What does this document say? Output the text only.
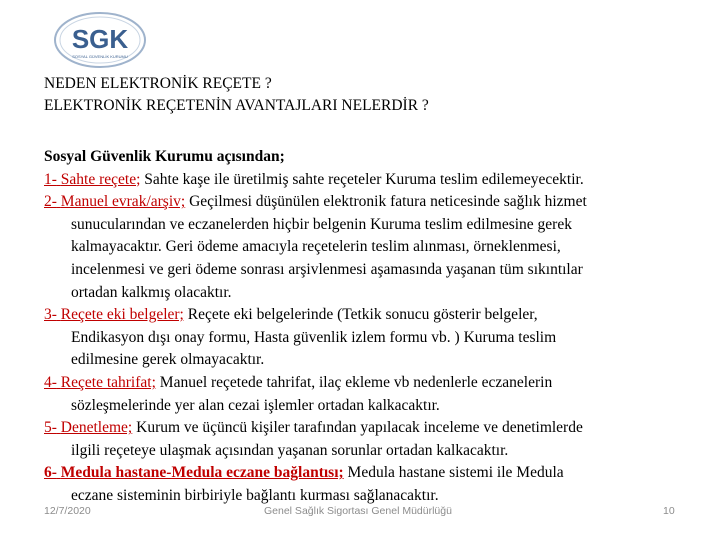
SGK
SOSYAL GÜVENLİK KURUMU
NEDEN ELEKTRONİK REÇETE ?
ELEKTRONİK REÇETENİN AVANTAJLARI NELERDİR ?
Sosyal Güvenlik Kurumu açısından;
1- Sahte reçete; Sahte kaşe ile üretilmiş sahte reçeteler Kuruma teslim edilemeyecektir.
2- Manuel evrak/arşiv; Geçilmesi düşünülen elektronik fatura neticesinde sağlık hizmet
sunucularından ve eczanelerden hiçbir belgenin Kuruma teslim edilmesine gerek
kalmayacaktır. Geri ödeme amacıyla reçetelerin teslim alınması, örneklenmesi,
incelenmesi ve geri ödeme sonrası arşivlenmesi aşamasında yaşanan tüm sıkıntılar
ortadan kalkmış olacaktır.
3- Reçete eki belgeler; Reçete eki belgelerinde (Tetkik sonucu gösterir belgeler,
Endikasyon dışı onay formu, Hasta güvenlik izlem formu vb. ) Kuruma teslim
edilmesine gerek olmayacaktır.
4- Reçete tahrifat; Manuel reçetede tahrifat, ilaç ekleme vb nedenlerle eczanelerin
sözleşmelerinde yer alan cezai işlemler ortadan kalkacaktır.
5- Denetleme; Kurum ve üçüncü kişiler tarafından yapılacak inceleme ve denetimlerde
ilgili reçeteye ulaşmak açısından yaşanan sorunlar ortadan kalkacaktır.
6- Medula hastane-Medula eczane bağlantısı; Medula hastane sistemi ile Medula
eczane sisteminin birbiriyle bağlantı kurması sağlanacaktır.
12/7/2020	Genel Sağlık Sigortası Genel Müdürlüğü	10
